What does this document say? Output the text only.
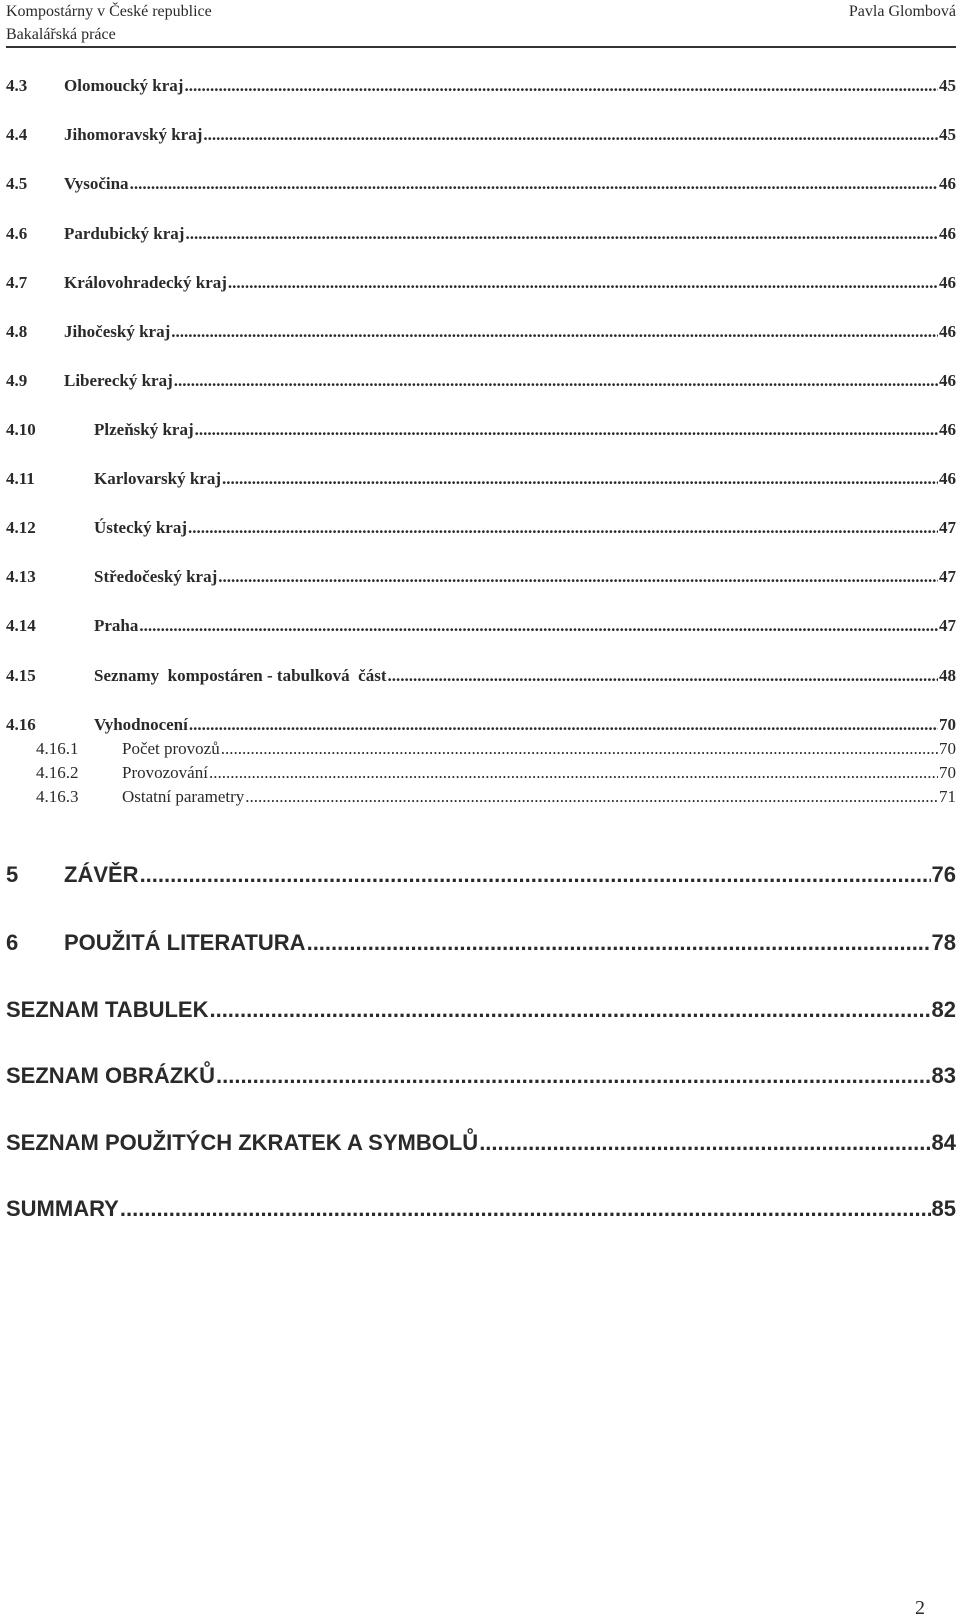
Kompostárny v České republice
Bakalářská práce
Pavla Glombová
4.3	Olomoucký kraj .....	45
4.4	Jihomoravský kraj .....	45
4.5	Vysočina .....	46
4.6	Pardubický kraj .....	46
4.7	Královohradecký kraj .....	46
4.8	Jihočeský kraj .....	46
4.9	Liberecký kraj .....	46
4.10	Plzeňský kraj .....	46
4.11	Karlovarský kraj .....	46
4.12	Ústecký kraj .....	47
4.13	Středočeský kraj .....	47
4.14	Praha .....	47
4.15	Seznamy  kompostáren - tabulková  část .....	48
4.16	Vyhodnocení .....	70
4.16.1	Počet provozů .....	70
4.16.2	Provozování .....	70
4.16.3	Ostatní parametry .....	71
5	ZÁVĚR .....	76
6	POUŽITÁ LITERATURA .....	78
SEZNAM TABULEK .....	82
SEZNAM OBRÁZKŮ .....	83
SEZNAM POUŽITÝCH ZKRATEK A SYMBOLŮ .....	84
SUMMARY .....	85
2
